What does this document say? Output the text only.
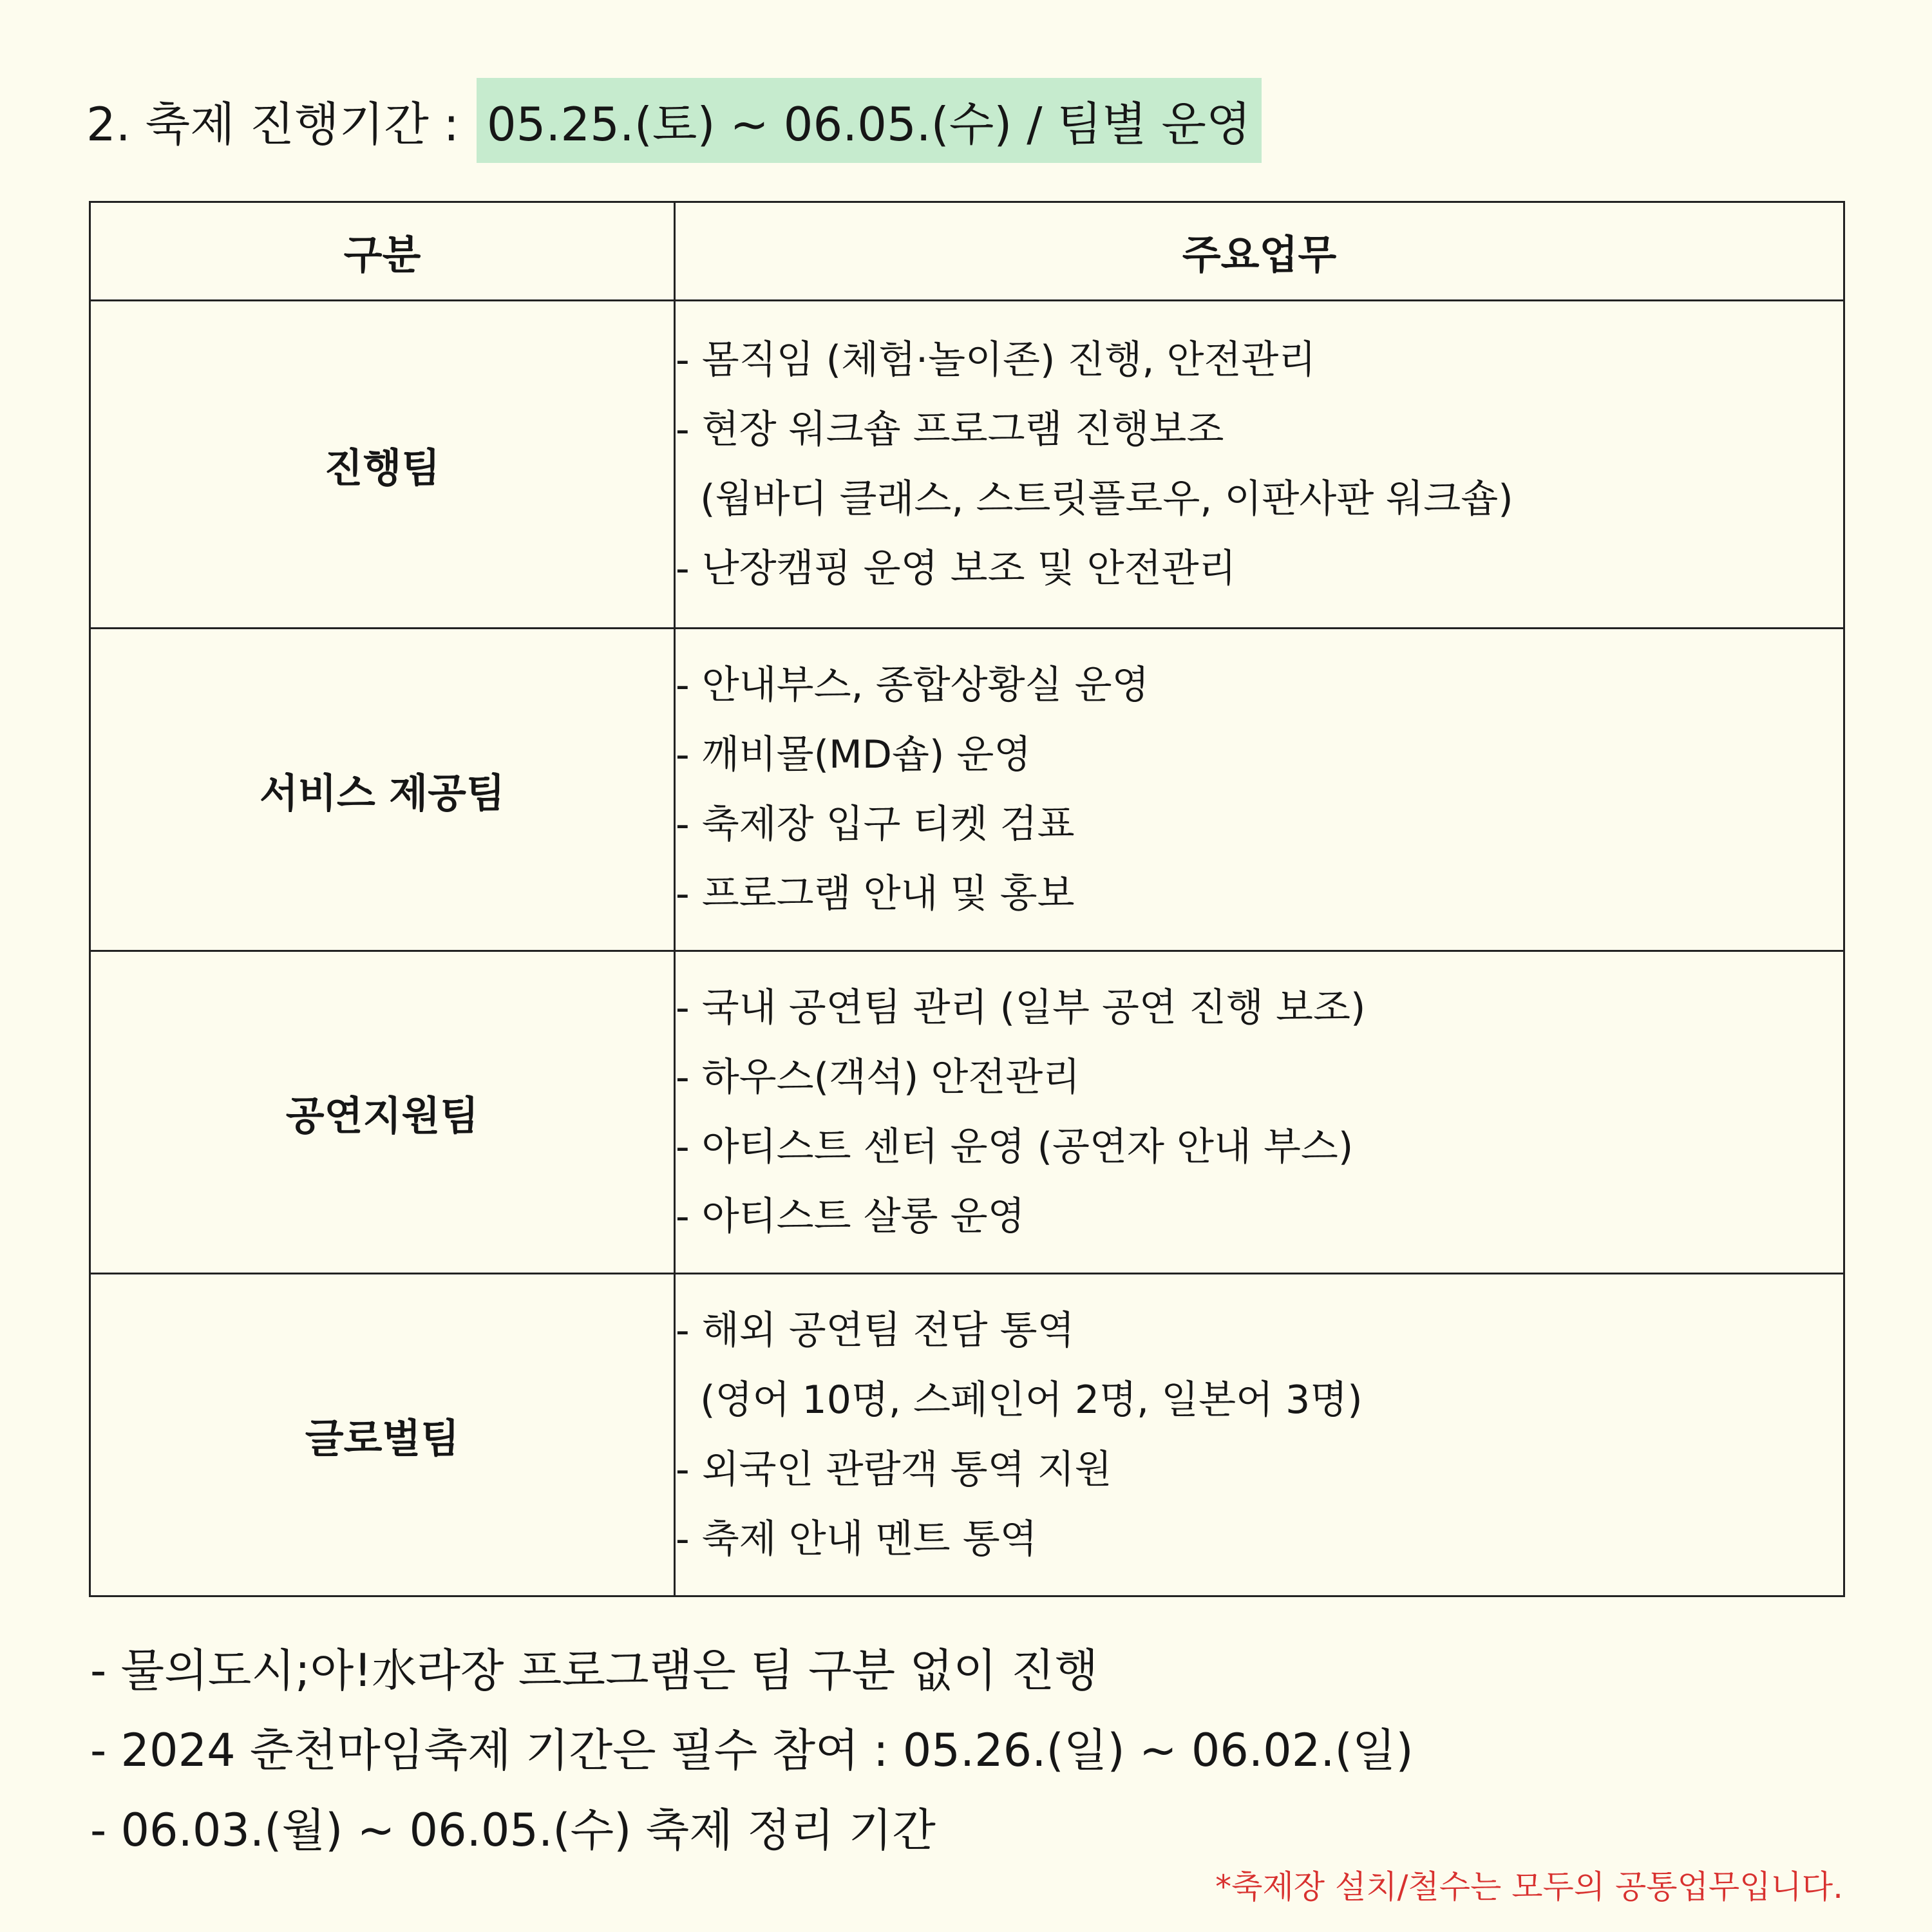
2. 축제 진행기간 : 05.25.(토) ~ 06.05.(수) / 팀별 운영
구분	주요업무
진행팀	- 몸직임 (체험·놀이존) 진행, 안전관리
- 현장 워크숍 프로그램 진행보조
(웜바디 클래스, 스트릿플로우, 이판사판 워크숍)
- 난장캠핑 운영 보조 및 안전관리

서비스 제공팀	- 안내부스, 종합상황실 운영
- 깨비몰(MD숍) 운영
- 축제장 입구 티켓 검표
- 프로그램 안내 및 홍보

공연지원팀	- 국내 공연팀 관리 (일부 공연 진행 보조)
- 하우스(객석) 안전관리
- 아티스트 센터 운영 (공연자 안내 부스)
- 아티스트 살롱 운영

글로벌팀	- 해외 공연팀 전담 통역
(영어 10명, 스페인어 2명, 일본어 3명)
- 외국인 관람객 통역 지원
- 축제 안내 멘트 통역
- 물의도시;아!水라장 프로그램은 팀 구분 없이 진행
- 2024 춘천마임축제 기간은 필수 참여 : 05.26.(일) ~ 06.02.(일)
- 06.03.(월) ~ 06.05.(수) 축제 정리 기간
*축제장 설치/철수는 모두의 공통업무입니다.
